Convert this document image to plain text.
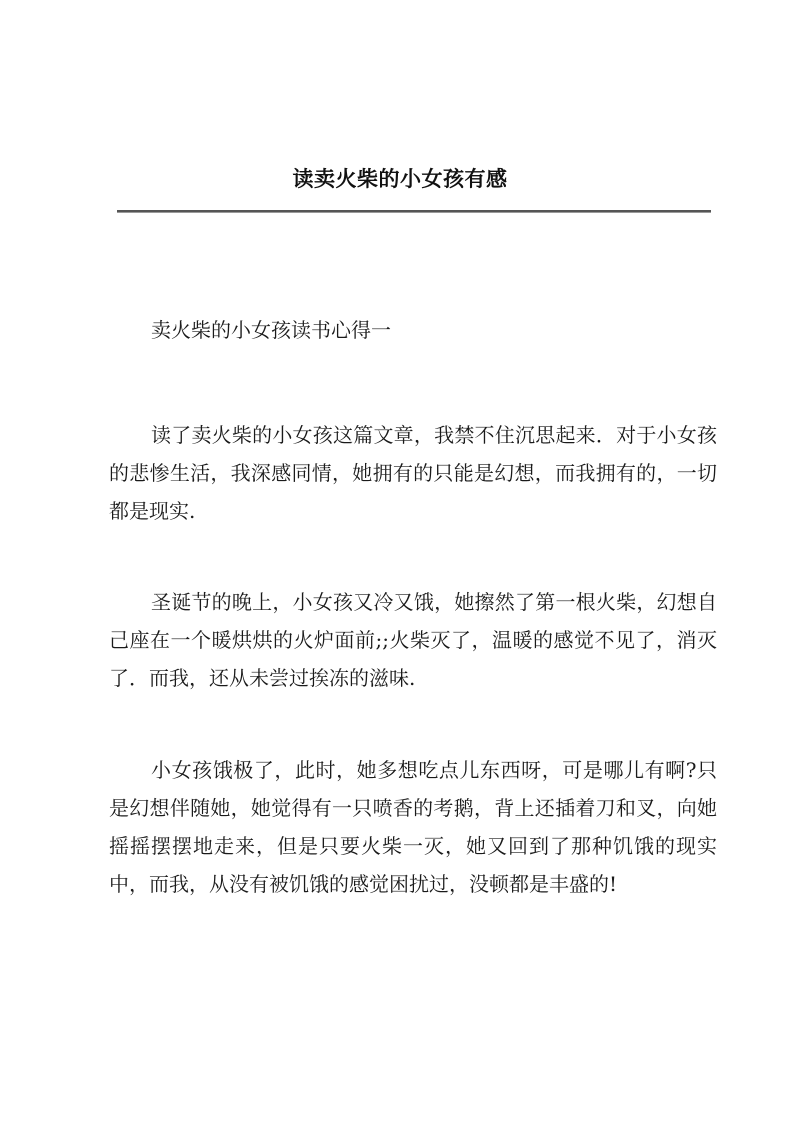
读卖火柴的小女孩有感
卖火柴的小女孩读书心得一

读了卖火柴的小女孩这篇文章，我禁不住沉思起来．对于小女孩的悲惨生活，我深感同情，她拥有的只能是幻想，而我拥有的，一切都是现实.

圣诞节的晚上，小女孩又冷又饿，她擦然了第一根火柴，幻想自己座在一个暖烘烘的火炉面前;;火柴灭了，温暖的感觉不见了，消灭了．而我，还从未尝过挨冻的滋味.

小女孩饿极了，此时，她多想吃点儿东西呀，可是哪儿有啊?只是幻想伴随她，她觉得有一只喷香的考鹅，背上还插着刀和叉，向她摇摇摆摆地走来，但是只要火柴一灭，她又回到了那种饥饿的现实中，而我，从没有被饥饿的感觉困扰过，没顿都是丰盛的!
